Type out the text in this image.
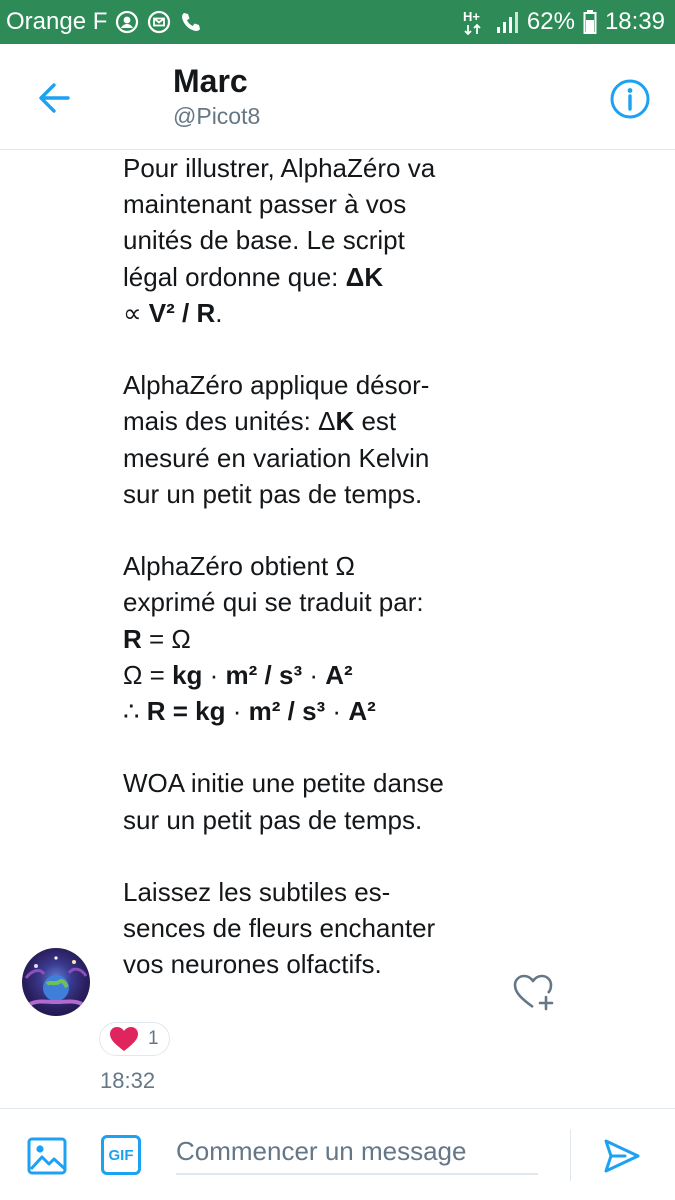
Orange F	H+ 62% 18:39
Marc
@Picot8

Pour illustrer, AlphaZéro va

maintenant passer à vos

unités de base. Le script

légal ordonne que: ΔK

∝ V² / R.

AlphaZéro applique désor-

mais des unités: ΔK est

mesuré en variation Kelvin

sur un petit pas de temps.

AlphaZéro obtient Ω

exprimé qui se traduit par:

R = Ω

Ω = kg · m² / s³ · A²

∴ R = kg · m² / s³ · A²

WOA initie une petite danse

sur un petit pas de temps.

Laissez les subtiles es-

sences de fleurs enchanter

vos neurones olfactifs.

1
18:32
GIF
Commencer un message
